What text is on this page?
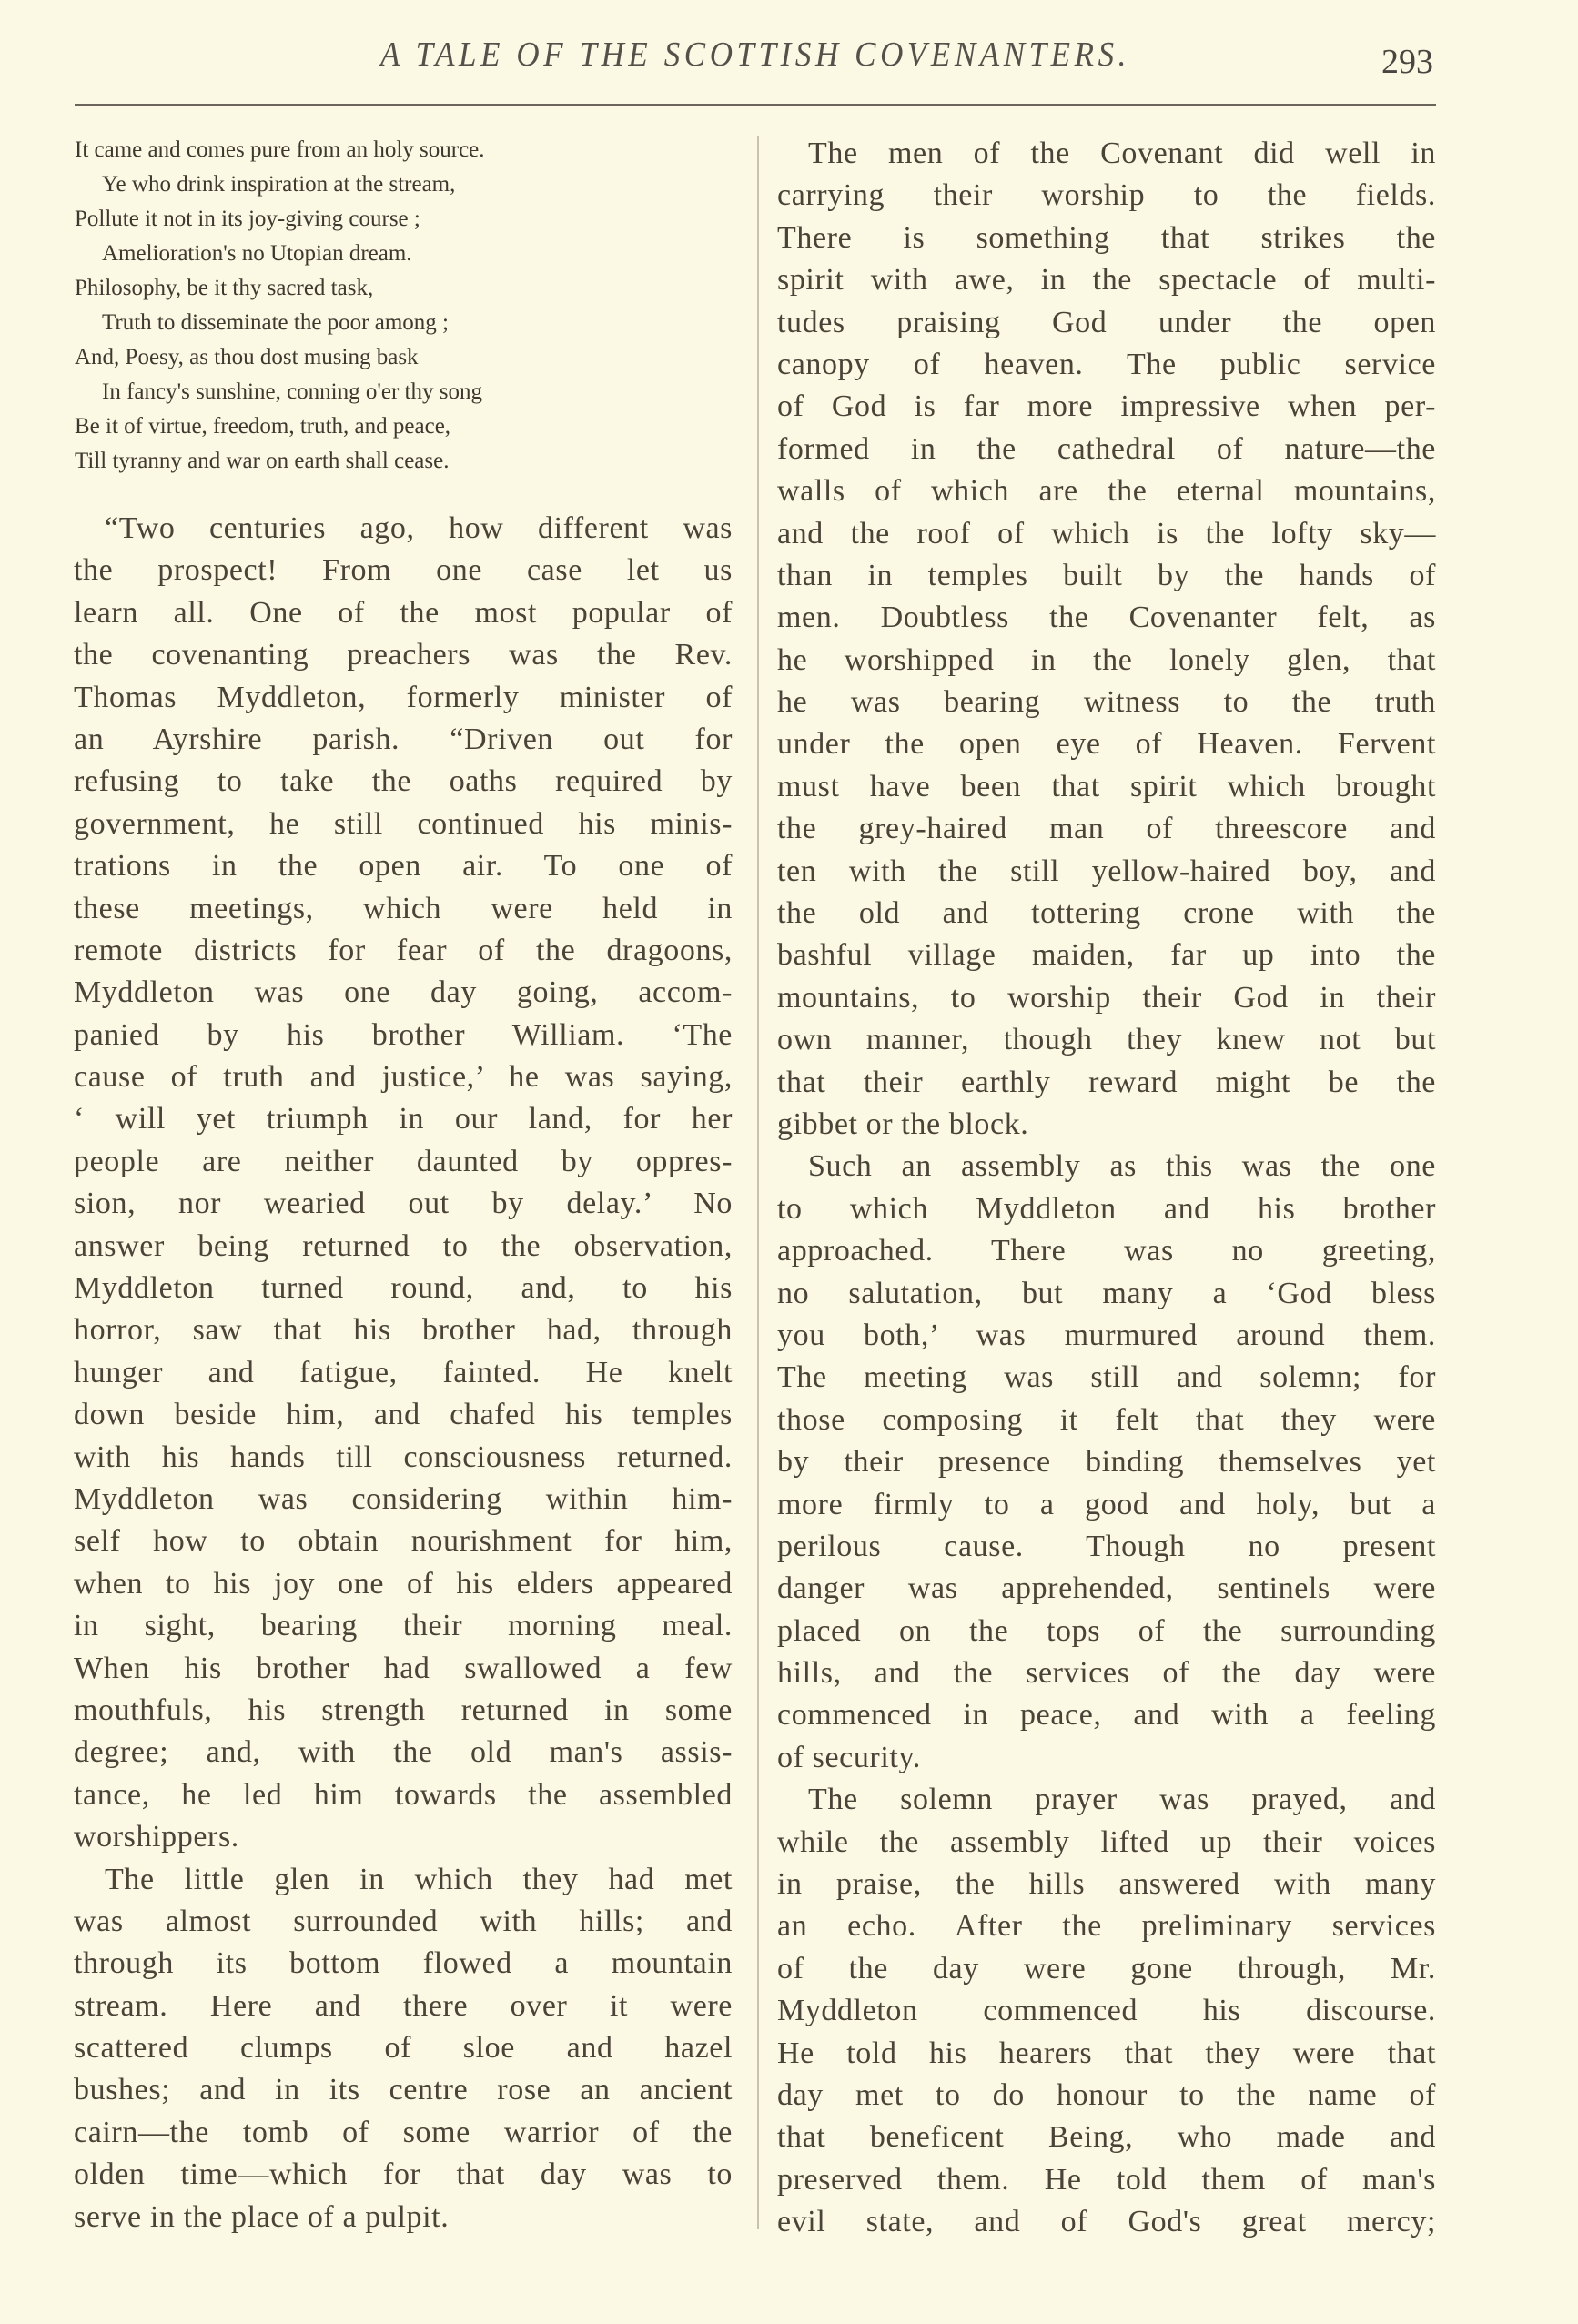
A TALE OF THE SCOTTISH COVENANTERS.	293
It came and comes pure from an holy source.
Ye who drink inspiration at the stream,
Pollute it not in its joy-giving course ;
Amelioration's no Utopian dream.
Philosophy, be it thy sacred task,
Truth to disseminate the poor among ;
And, Poesy, as thou dost musing bask
In fancy's sunshine, conning o'er thy song
Be it of virtue, freedom, truth, and peace,
Till tyranny and war on earth shall cease.
“Two centuries ago, how different was
the prospect! From one case let us
learn all. One of the most popular of
the covenanting preachers was the Rev.
Thomas Myddleton, formerly minister of
an Ayrshire parish. “Driven out for
refusing to take the oaths required by
government, he still continued his minis-
trations in the open air. To one of
these meetings, which were held in
remote districts for fear of the dragoons,
Myddleton was one day going, accom-
panied by his brother William. ‘The
cause of truth and justice,’ he was saying,
‘ will yet triumph in our land, for her
people are neither daunted by oppres-
sion, nor wearied out by delay.’ No
answer being returned to the observation,
Myddleton turned round, and, to his
horror, saw that his brother had, through
hunger and fatigue, fainted. He knelt
down beside him, and chafed his temples
with his hands till consciousness returned.
Myddleton was considering within him-
self how to obtain nourishment for him,
when to his joy one of his elders appeared
in sight, bearing their morning meal.
When his brother had swallowed a few
mouthfuls, his strength returned in some
degree; and, with the old man's assis-
tance, he led him towards the assembled
worshippers.
The little glen in which they had met
was almost surrounded with hills; and
through its bottom flowed a mountain
stream. Here and there over it were
scattered clumps of sloe and hazel
bushes; and in its centre rose an ancient
cairn—the tomb of some warrior of the
olden time—which for that day was to
serve in the place of a pulpit.
The men of the Covenant did well in
carrying their worship to the fields.
There is something that strikes the
spirit with awe, in the spectacle of multi-
tudes praising God under the open
canopy of heaven. The public service
of God is far more impressive when per-
formed in the cathedral of nature—the
walls of which are the eternal mountains,
and the roof of which is the lofty sky—
than in temples built by the hands of
men. Doubtless the Covenanter felt, as
he worshipped in the lonely glen, that
he was bearing witness to the truth
under the open eye of Heaven. Fervent
must have been that spirit which brought
the grey-haired man of threescore and
ten with the still yellow-haired boy, and
the old and tottering crone with the
bashful village maiden, far up into the
mountains, to worship their God in their
own manner, though they knew not but
that their earthly reward might be the
gibbet or the block.
Such an assembly as this was the one
to which Myddleton and his brother
approached. There was no greeting,
no salutation, but many a ‘God bless
you both,’ was murmured around them.
The meeting was still and solemn; for
those composing it felt that they were
by their presence binding themselves yet
more firmly to a good and holy, but a
perilous cause. Though no present
danger was apprehended, sentinels were
placed on the tops of the surrounding
hills, and the services of the day were
commenced in peace, and with a feeling
of security.
The solemn prayer was prayed, and
while the assembly lifted up their voices
in praise, the hills answered with many
an echo. After the preliminary services
of the day were gone through, Mr.
Myddleton commenced his discourse.
He told his hearers that they were that
day met to do honour to the name of
that beneficent Being, who made and
preserved them. He told them of man's
evil state, and of God's great mercy;
